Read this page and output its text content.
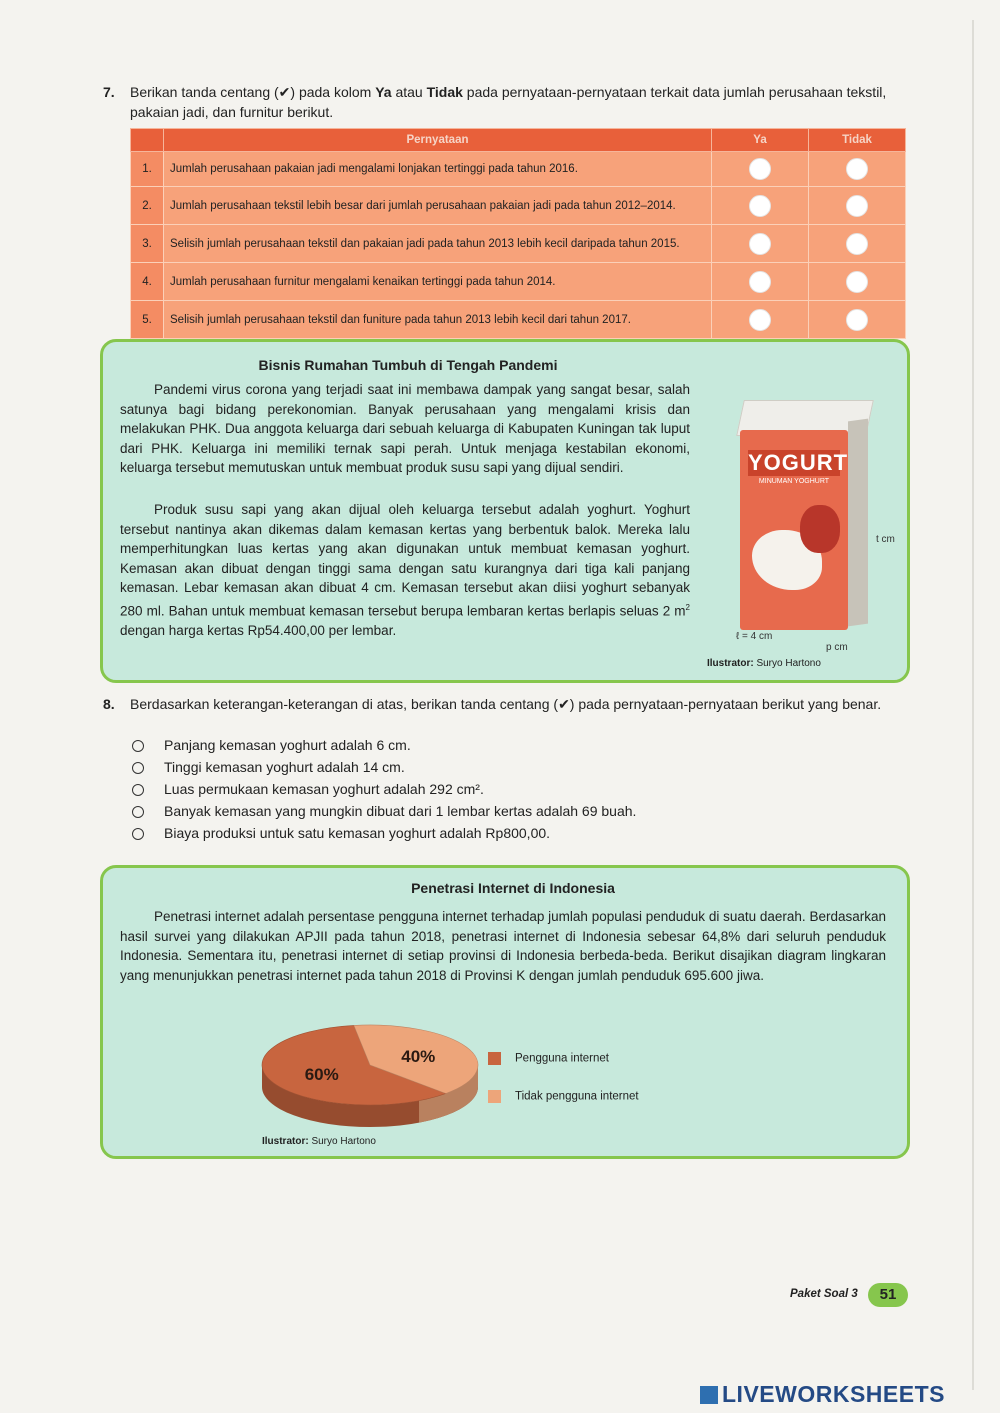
7. Berikan tanda centang (✔) pada kolom Ya atau Tidak pada pernyataan-pernyataan terkait data jumlah perusahaan tekstil, pakaian jadi, dan furnitur berikut.
	Pernyataan	Ya	Tidak
1.	Jumlah perusahaan pakaian jadi mengalami lonjakan tertinggi pada tahun 2016.		
2.	Jumlah perusahaan tekstil lebih besar dari jumlah perusahaan pakaian jadi pada tahun 2012–2014.		
3.	Selisih jumlah perusahaan tekstil dan pakaian jadi pada tahun 2013 lebih kecil daripada tahun 2015.		
4.	Jumlah perusahaan furnitur mengalami kenaikan tertinggi pada tahun 2014.		
5.	Selisih jumlah perusahaan tekstil dan funiture pada tahun 2013 lebih kecil dari tahun 2017.		
Bisnis Rumahan Tumbuh di Tengah Pandemi
Pandemi virus corona yang terjadi saat ini membawa dampak yang sangat besar, salah satunya bagi bidang perekonomian. Banyak perusahaan yang mengalami krisis dan melakukan PHK. Dua anggota keluarga dari sebuah keluarga di Kabupaten Kuningan tak luput dari PHK. Keluarga ini memiliki ternak sapi perah. Untuk menjaga kestabilan ekonomi, keluarga tersebut memutuskan untuk membuat produk susu sapi yang dijual sendiri.
Produk susu sapi yang akan dijual oleh keluarga tersebut adalah yoghurt. Yoghurt tersebut nantinya akan dikemas dalam kemasan kertas yang berbentuk balok. Mereka lalu memperhitungkan luas kertas yang akan digunakan untuk membuat kemasan yoghurt. Kemasan akan dibuat dengan tinggi sama dengan satu kurangnya dari tiga kali panjang kemasan. Lebar kemasan akan dibuat 4 cm. Kemasan tersebut akan diisi yoghurt sebanyak 280 ml. Bahan untuk membuat kemasan tersebut berupa lembaran kertas berlapis seluas 2 $m^2$ dengan harga kertas Rp54.400,00 per lembar.
YOGURT
MINUMAN YOGHURT
t cm
ℓ = 4 cm
p cm
Ilustrator: Suryo Hartono
8. Berdasarkan keterangan-keterangan di atas, berikan tanda centang (✔) pada pernyataan-pernyataan berikut yang benar.
Panjang kemasan yoghurt adalah 6 cm.
Tinggi kemasan yoghurt adalah 14 cm.
Luas permukaan kemasan yoghurt adalah 292 cm².
Banyak kemasan yang mungkin dibuat dari 1 lembar kertas adalah 69 buah.
Biaya produksi untuk satu kemasan yoghurt adalah Rp800,00.
Penetrasi Internet di Indonesia
Penetrasi internet adalah persentase pengguna internet terhadap jumlah populasi penduduk di suatu daerah. Berdasarkan hasil survei yang dilakukan APJII pada tahun 2018, penetrasi internet di Indonesia sebesar 64,8% dari seluruh penduduk Indonesia. Sementara itu, penetrasi internet di setiap provinsi di Indonesia berbeda-beda. Berikut disajikan diagram lingkaran yang menunjukkan penetrasi internet pada tahun 2018 di Provinsi K dengan jumlah penduduk 695.600 jiwa.
60%
40%	Pengguna internet
Tidak pengguna internet
Ilustrator: Suryo Hartono
Paket Soal 3	51
LIVEWORKSHEETS
